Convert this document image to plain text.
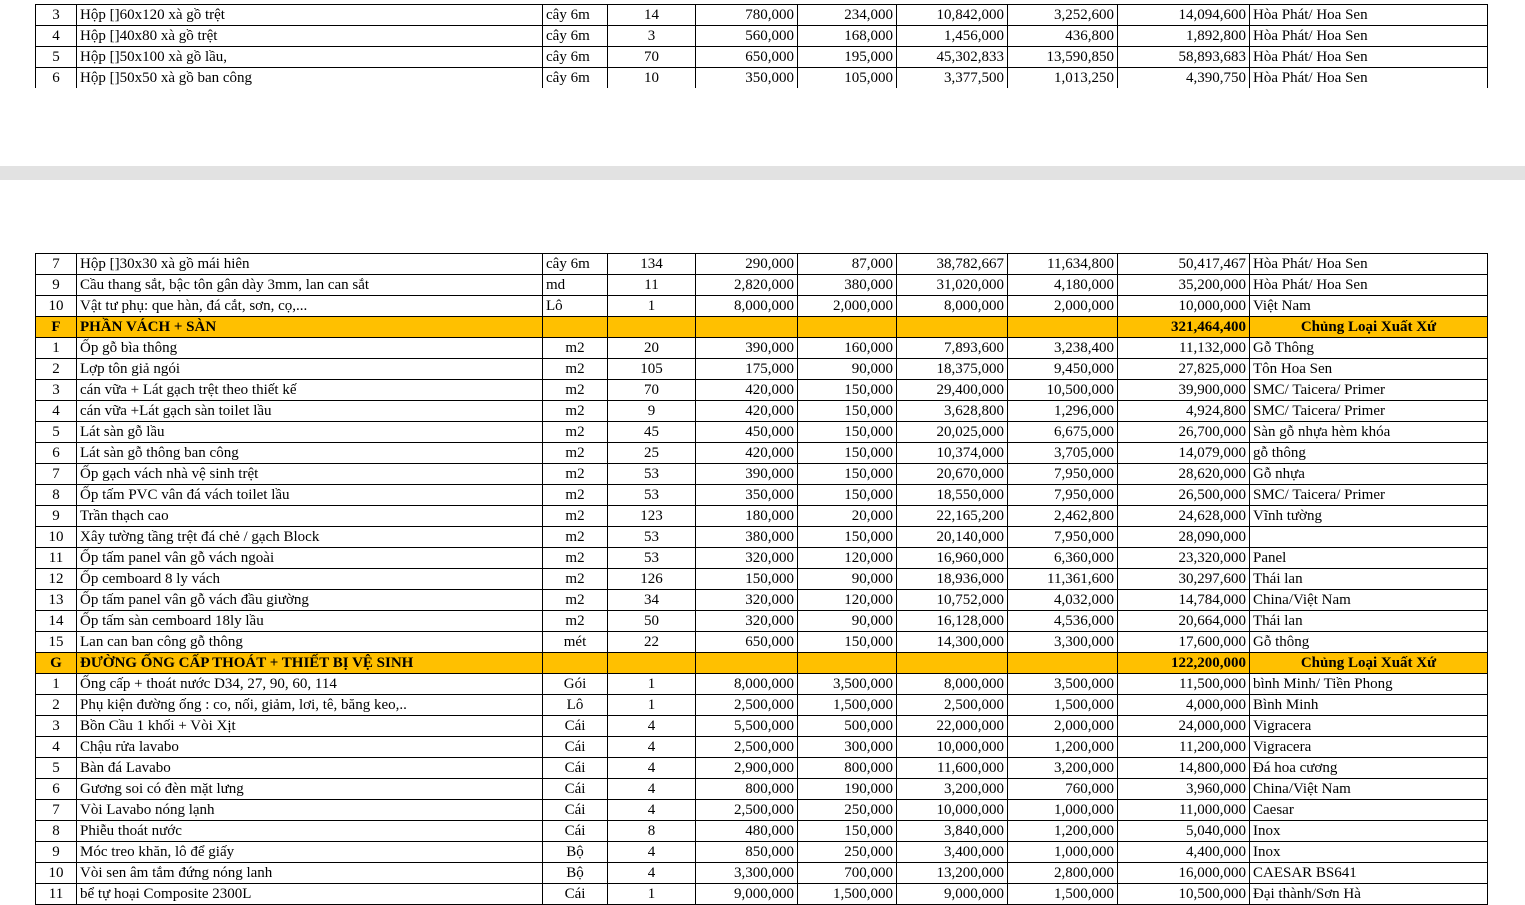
3	Hộp []60x120 xà gồ trệt	cây 6m	14	780,000	234,000	10,842,000	3,252,600	14,094,600	Hòa Phát/ Hoa Sen
4	Hộp []40x80 xà gồ trệt	cây 6m	3	560,000	168,000	1,456,000	436,800	1,892,800	Hòa Phát/ Hoa Sen
5	Hộp []50x100 xà gồ lầu,	cây 6m	70	650,000	195,000	45,302,833	13,590,850	58,893,683	Hòa Phát/ Hoa Sen
6	Hộp []50x50 xà gồ ban công	cây 6m	10	350,000	105,000	3,377,500	1,013,250	4,390,750	Hòa Phát/ Hoa Sen
7	Hộp []30x30 xà gồ mái hiên	cây 6m	134	290,000	87,000	38,782,667	11,634,800	50,417,467	Hòa Phát/ Hoa Sen
9	Cầu thang sắt, bậc tôn gân dày 3mm, lan can sắt	md	11	2,820,000	380,000	31,020,000	4,180,000	35,200,000	Hòa Phát/ Hoa Sen
10	Vật tư phụ: que hàn, đá cắt, sơn, cọ,...	Lô	1	8,000,000	2,000,000	8,000,000	2,000,000	10,000,000	Việt Nam
F	PHẦN VÁCH + SÀN							321,464,400	Chủng Loại Xuất Xứ
1	Ốp gỗ bìa thông	m2	20	390,000	160,000	7,893,600	3,238,400	11,132,000	Gỗ Thông
2	Lợp tôn giả ngói	m2	105	175,000	90,000	18,375,000	9,450,000	27,825,000	Tôn Hoa Sen
3	cán vữa + Lát gạch trệt theo thiết kế	m2	70	420,000	150,000	29,400,000	10,500,000	39,900,000	SMC/ Taicera/ Primer
4	cán vữa +Lát gạch sàn toilet lầu	m2	9	420,000	150,000	3,628,800	1,296,000	4,924,800	SMC/ Taicera/ Primer
5	Lát sàn gỗ lầu	m2	45	450,000	150,000	20,025,000	6,675,000	26,700,000	Sàn gỗ nhựa hèm khóa
6	Lát sàn gỗ thông ban công	m2	25	420,000	150,000	10,374,000	3,705,000	14,079,000	gỗ thông
7	Ốp gạch vách nhà vệ sinh trệt	m2	53	390,000	150,000	20,670,000	7,950,000	28,620,000	Gỗ nhựa
8	Ốp tấm PVC vân đá vách toilet lầu	m2	53	350,000	150,000	18,550,000	7,950,000	26,500,000	SMC/ Taicera/ Primer
9	Trần thạch cao	m2	123	180,000	20,000	22,165,200	2,462,800	24,628,000	Vĩnh tường
10	Xây tường tầng trệt đá chẻ / gạch Block	m2	53	380,000	150,000	20,140,000	7,950,000	28,090,000	
11	Ốp tấm panel vân gỗ vách ngoài	m2	53	320,000	120,000	16,960,000	6,360,000	23,320,000	Panel
12	Ốp cemboard 8 ly vách	m2	126	150,000	90,000	18,936,000	11,361,600	30,297,600	Thái lan
13	Ốp tấm panel vân gỗ vách đầu giường	m2	34	320,000	120,000	10,752,000	4,032,000	14,784,000	China/Việt Nam
14	Ốp tấm sàn cemboard 18ly lầu	m2	50	320,000	90,000	16,128,000	4,536,000	20,664,000	Thái lan
15	Lan can ban công gỗ thông	mét	22	650,000	150,000	14,300,000	3,300,000	17,600,000	Gỗ thông
G	ĐƯỜNG ỐNG CẤP THOÁT + THIẾT BỊ VỆ SINH							122,200,000	Chủng Loại Xuất Xứ
1	Ống cấp + thoát nước D34, 27, 90, 60, 114	Gói	1	8,000,000	3,500,000	8,000,000	3,500,000	11,500,000	bình Minh/ Tiền Phong
2	Phụ kiện đường ống : co, nối, giảm, lơi, tê, băng keo,..	Lô	1	2,500,000	1,500,000	2,500,000	1,500,000	4,000,000	Bình Minh
3	Bồn Cầu 1 khối + Vòi Xịt	Cái	4	5,500,000	500,000	22,000,000	2,000,000	24,000,000	Vigracera
4	Chậu rửa lavabo	Cái	4	2,500,000	300,000	10,000,000	1,200,000	11,200,000	Vigracera
5	Bàn đá Lavabo	Cái	4	2,900,000	800,000	11,600,000	3,200,000	14,800,000	Đá hoa cương
6	Gương soi có đèn mặt lưng	Cái	4	800,000	190,000	3,200,000	760,000	3,960,000	China/Việt Nam
7	Vòi Lavabo nóng lạnh	Cái	4	2,500,000	250,000	10,000,000	1,000,000	11,000,000	Caesar
8	Phiễu thoát nước	Cái	8	480,000	150,000	3,840,000	1,200,000	5,040,000	Inox
9	Móc treo khăn, lô để giấy	Bộ	4	850,000	250,000	3,400,000	1,000,000	4,400,000	Inox
10	Vòi sen âm tắm đứng nóng lanh	Bộ	4	3,300,000	700,000	13,200,000	2,800,000	16,000,000	CAESAR BS641
11	bể tự hoại Composite 2300L	Cái	1	9,000,000	1,500,000	9,000,000	1,500,000	10,500,000	Đại thành/Sơn Hà
